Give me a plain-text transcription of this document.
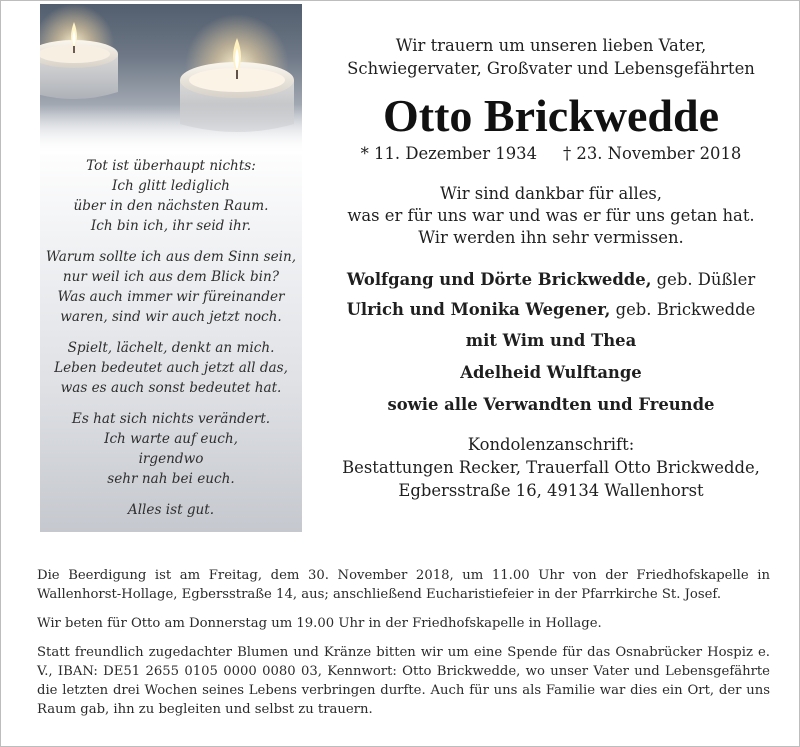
Tot ist überhaupt nichts:
Ich glitt lediglich
über in den nächsten Raum.
Ich bin ich, ihr seid ihr.
Warum sollte ich aus dem Sinn sein,
nur weil ich aus dem Blick bin?
Was auch immer wir füreinander
waren, sind wir auch jetzt noch.
Spielt, lächelt, denkt an mich.
Leben bedeutet auch jetzt all das,
was es auch sonst bedeutet hat.
Es hat sich nichts verändert.
Ich warte auf euch,
irgendwo
sehr nah bei euch.
Alles ist gut.
Wir trauern um unseren lieben Vater,
Schwiegervater, Großvater und Lebensgefährten
Otto Brickwedde
* 11. Dezember 1934 † 23. November 2018
Wir sind dankbar für alles,
was er für uns war und was er für uns getan hat.
Wir werden ihn sehr vermissen.
Wolfgang und Dörte Brickwedde, geb. Düßler
Ulrich und Monika Wegener, geb. Brickwedde
mit Wim und Thea
Adelheid Wulftange
sowie alle Verwandten und Freunde
Kondolenzanschrift:
Bestattungen Recker, Trauerfall Otto Brickwedde,
Egbersstraße 16, 49134 Wallenhorst

Die Beerdigung ist am Freitag, dem 30. November 2018, um 11.00 Uhr von der Friedhofskapelle in Wallenhorst-Hollage, Egbersstraße 14, aus; anschließend Eucharistiefeier in der Pfarrkirche St. Josef.

Wir beten für Otto am Donnerstag um 19.00 Uhr in der Friedhofskapelle in Hollage.

Statt freundlich zugedachter Blumen und Kränze bitten wir um eine Spende für das Osnabrücker Hospiz e. V., IBAN: DE51 2655 0105 0000 0080 03, Kennwort: Otto Brickwedde, wo unser Vater und Lebensgefährte die letzten drei Wochen seines Lebens verbringen durfte. Auch für uns als Familie war dies ein Ort, der uns Raum gab, ihn zu begleiten und selbst zu trauern.
